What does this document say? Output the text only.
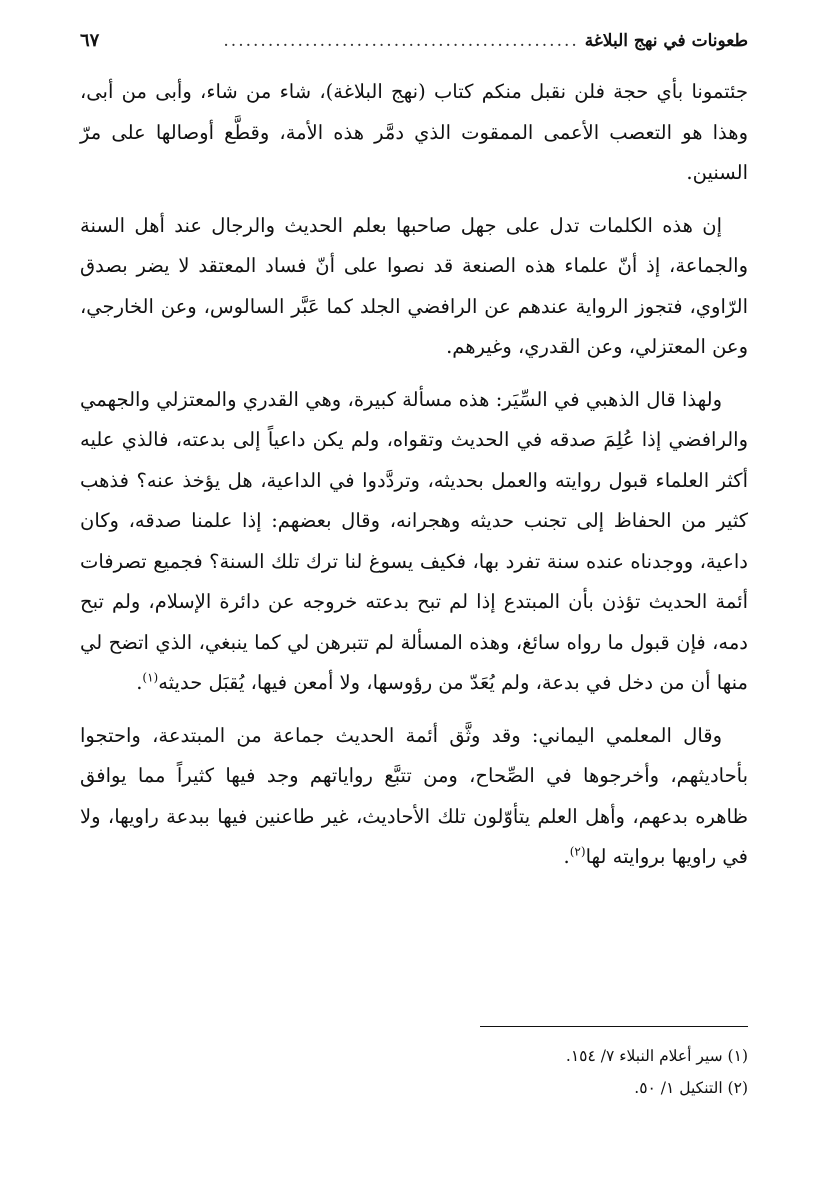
طعونات في نهج البلاغة
................................................
٦٧

جئتمونا بأي حجة فلن نقبل منكم كتاب (نهج البلاغة)، شاء من شاء، وأبى من أبى، وهذا هو التعصب الأعمى الممقوت الذي دمَّر هذه الأمة، وقطَّع أوصالها على مرّ السنين.

إن هذه الكلمات تدل على جهل صاحبها بعلم الحديث والرجال عند أهل السنة والجماعة، إذ أنّ علماء هذه الصنعة قد نصوا على أنّ فساد المعتقد لا يضر بصدق الرّاوي، فتجوز الرواية عندهم عن الرافضي الجلد كما عَبَّر السالوس، وعن الخارجي، وعن المعتزلي، وعن القدري، وغيرهم.

ولهذا قال الذهبي في السِّيَر: هذه مسألة كبيرة، وهي القدري والمعتزلي والجهمي والرافضي إذا عُلِمَ صدقه في الحديث وتقواه، ولم يكن داعياً إلى بدعته، فالذي عليه أكثر العلماء قبول روايته والعمل بحديثه، وتردَّدوا في الداعية، هل يؤخذ عنه؟ فذهب كثير من الحفاظ إلى تجنب حديثه وهجرانه، وقال بعضهم: إذا علمنا صدقه، وكان داعية، ووجدناه عنده سنة تفرد بها، فكيف يسوغ لنا ترك تلك السنة؟ فجميع تصرفات أئمة الحديث تؤذن بأن المبتدع إذا لم تبح بدعته خروجه عن دائرة الإسلام، ولم تبح دمه، فإن قبول ما رواه سائغ، وهذه المسألة لم تتبرهن لي كما ينبغي، الذي اتضح لي منها أن من دخل في بدعة، ولم يُعَدّ من رؤوسها، ولا أمعن فيها، يُقبَل حديثه$^{(١)}$.

وقال المعلمي اليماني: وقد وثَّق أئمة الحديث جماعة من المبتدعة، واحتجوا بأحاديثهم، وأخرجوها في الصِّحاح، ومن تتبَّع رواياتهم وجد فيها كثيراً مما يوافق ظاهره بدعهم، وأهل العلم يتأوّلون تلك الأحاديث، غير طاعنين فيها ببدعة راويها، ولا في راويها بروايته لها$^{(٢)}$.

(١) سير أعلام النبلاء ٧/ ١٥٤.
(٢) التنكيل ١/ ٥٠.
